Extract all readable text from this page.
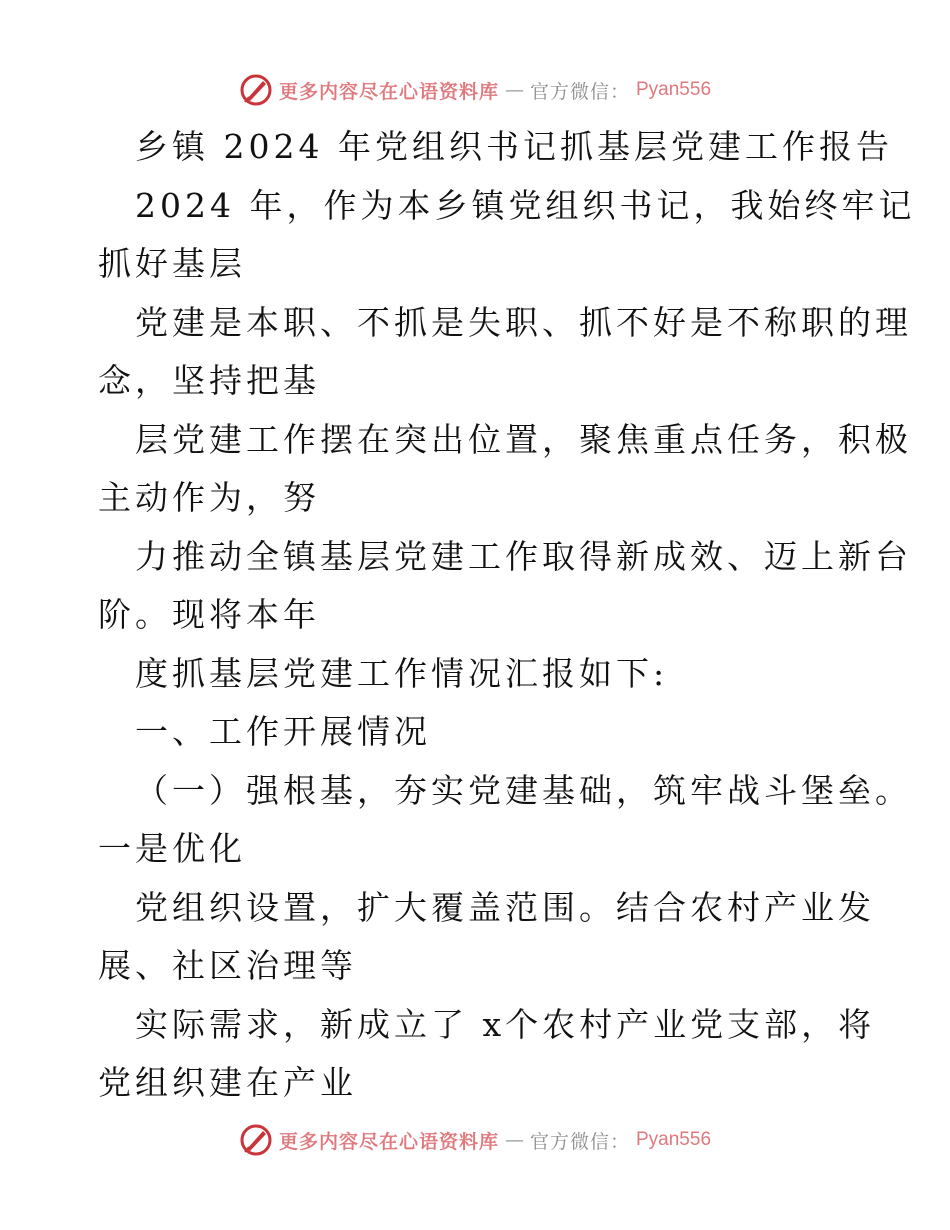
更多内容尽在心语资料库 — 官方微信： Pyan556
乡镇 2024 年党组织书记抓基层党建工作报告
2024 年，作为本乡镇党组织书记，我始终牢记
抓好基层
党建是本职、不抓是失职、抓不好是不称职的理
念，坚持把基
层党建工作摆在突出位置，聚焦重点任务，积极
主动作为，努
力推动全镇基层党建工作取得新成效、迈上新台
阶。现将本年
度抓基层党建工作情况汇报如下:
一、工作开展情况
（一）强根基，夯实党建基础，筑牢战斗堡垒。
一是优化
党组织设置，扩大覆盖范围。结合农村产业发
展、社区治理等
实际需求，新成立了 x个农村产业党支部，将
党组织建在产业
更多内容尽在心语资料库 — 官方微信： Pyan556
